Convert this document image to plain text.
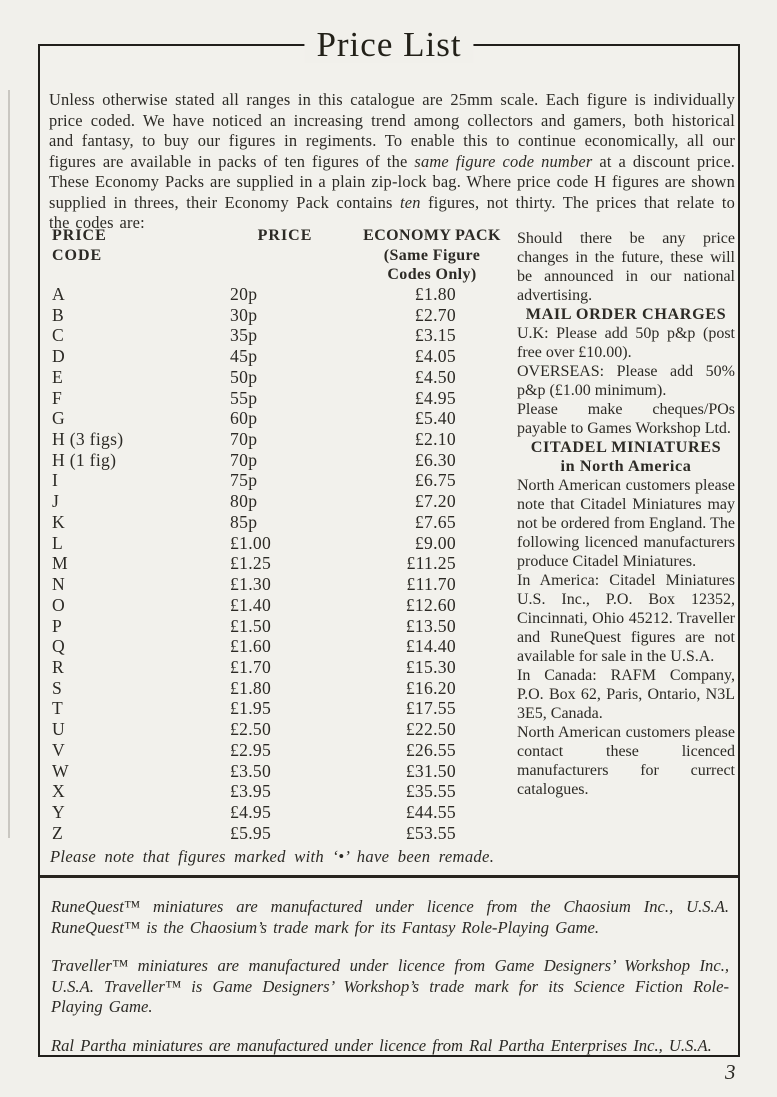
Price List

Unless otherwise stated all ranges in this catalogue are 25mm scale. Each figure is individually price coded. We have noticed an increasing trend among collectors and gamers, both historical and fantasy, to buy our figures in regiments. To enable this to continue economically, all our figures are available in packs of ten figures of the same figure code number at a discount price. These Economy Packs are supplied in a plain zip-lock bag. Where price code H figures are shown supplied in threes, their Economy Pack contains ten figures, not thirty. The prices that relate to the codes are:

PRICE
CODE
PRICE	ECONOMY PACK
(Same Figure
Codes Only)
A	20p	£1.80
B	30p	£2.70
C	35p	£3.15
D	45p	£4.05
E	50p	£4.50
F	55p	£4.95
G	60p	£5.40
H (3 figs)	70p	£2.10
H (1 fig)	70p	£6.30
I	75p	£6.75
J	80p	£7.20
K	85p	£7.65
L	£1.00	£9.00
M	£1.25	£11.25
N	£1.30	£11.70
O	£1.40	£12.60
P	£1.50	£13.50
Q	£1.60	£14.40
R	£1.70	£15.30
S	£1.80	£16.20
T	£1.95	£17.55
U	£2.50	£22.50
V	£2.95	£26.55
W	£3.50	£31.50
X	£3.95	£35.55
Y	£4.95	£44.55
Z	£5.95	£53.55

Please note that figures marked with ‘•’ have been remade.

Should there be any price changes in the future, these will be announced in our national advertising.

MAIL ORDER CHARGES

U.K: Please add 50p p&p (post free over £10.00).

OVERSEAS: Please add 50% p&p (£1.00 minimum).

Please make cheques/POs payable to Games Workshop Ltd.

CITADEL MINIATURES

in North America

North American customers please note that Citadel Miniatures may not be ordered from England. The following licenced manufacturers produce Citadel Miniatures.

In America: Citadel Miniatures U.S. Inc., P.O. Box 12352, Cincinnati, Ohio 45212. Traveller and RuneQuest figures are not available for sale in the U.S.A.

In Canada: RAFM Company, P.O. Box 62, Paris, Ontario, N3L 3E5, Canada.

North American customers please contact these licenced manufacturers for currect catalogues.

RuneQuest™ miniatures are manufactured under licence from the Chaosium Inc., U.S.A. RuneQuest™ is the Chaosium’s trade mark for its Fantasy Role-Playing Game.

Traveller™ miniatures are manufactured under licence from Game Designers’ Workshop Inc., U.S.A. Traveller™ is Game Designers’ Workshop’s trade mark for its Science Fiction Role-Playing Game.

Ral Partha miniatures are manufactured under licence from Ral Partha Enterprises Inc., U.S.A.

3
